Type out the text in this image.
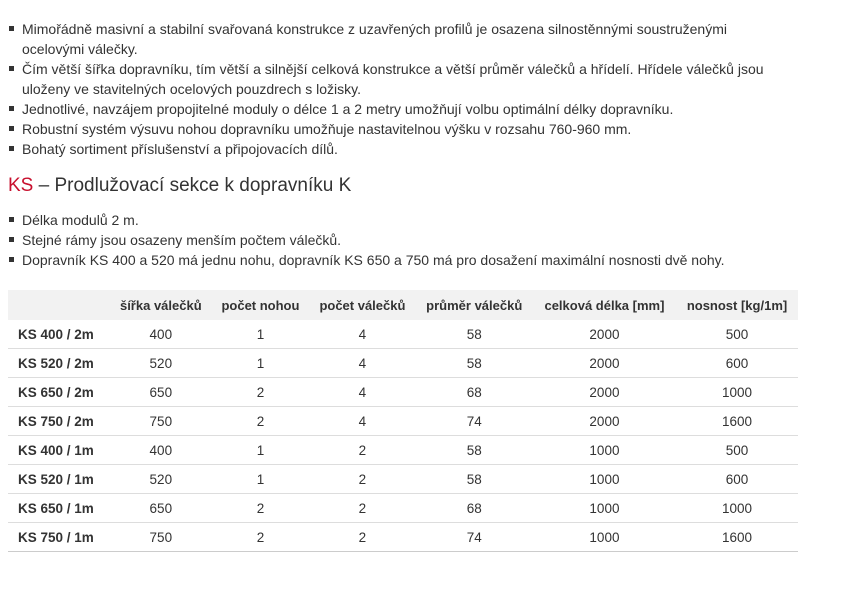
Mimořádně masivní a stabilní svařovaná konstrukce z uzavřených profilů je osazena silnostěnnými soustruženými ocelovými válečky.
Čím větší šířka dopravníku, tím větší a silnější celková konstrukce a větší průměr válečků a hřídelí. Hřídele válečků jsou uloženy ve stavitelných ocelových pouzdrech s ložisky.
Jednotlivé, navzájem propojitelné moduly o délce 1 a 2 metry umožňují volbu optimální délky dopravníku.
Robustní systém výsuvu nohou dopravníku umožňuje nastavitelnou výšku v rozsahu 760-960 mm.
Bohatý sortiment příslušenství a připojovacích dílů.
KS – Prodlužovací sekce k dopravníku K
Délka modulů 2 m.
Stejné rámy jsou osazeny menším počtem válečků.
Dopravník KS 400 a 520 má jednu nohu, dopravník KS 650 a 750 má pro dosažení maximální nosnosti dvě nohy.
	šířka válečků	počet nohou	počet válečků	průměr válečků	celková délka [mm]	nosnost [kg/1m]
KS 400 / 2m	400	1	4	58	2000	500
KS 520 / 2m	520	1	4	58	2000	600
KS 650 / 2m	650	2	4	68	2000	1000
KS 750 / 2m	750	2	4	74	2000	1600
KS 400 / 1m	400	1	2	58	1000	500
KS 520 / 1m	520	1	2	58	1000	600
KS 650 / 1m	650	2	2	68	1000	1000
KS 750 / 1m	750	2	2	74	1000	1600
